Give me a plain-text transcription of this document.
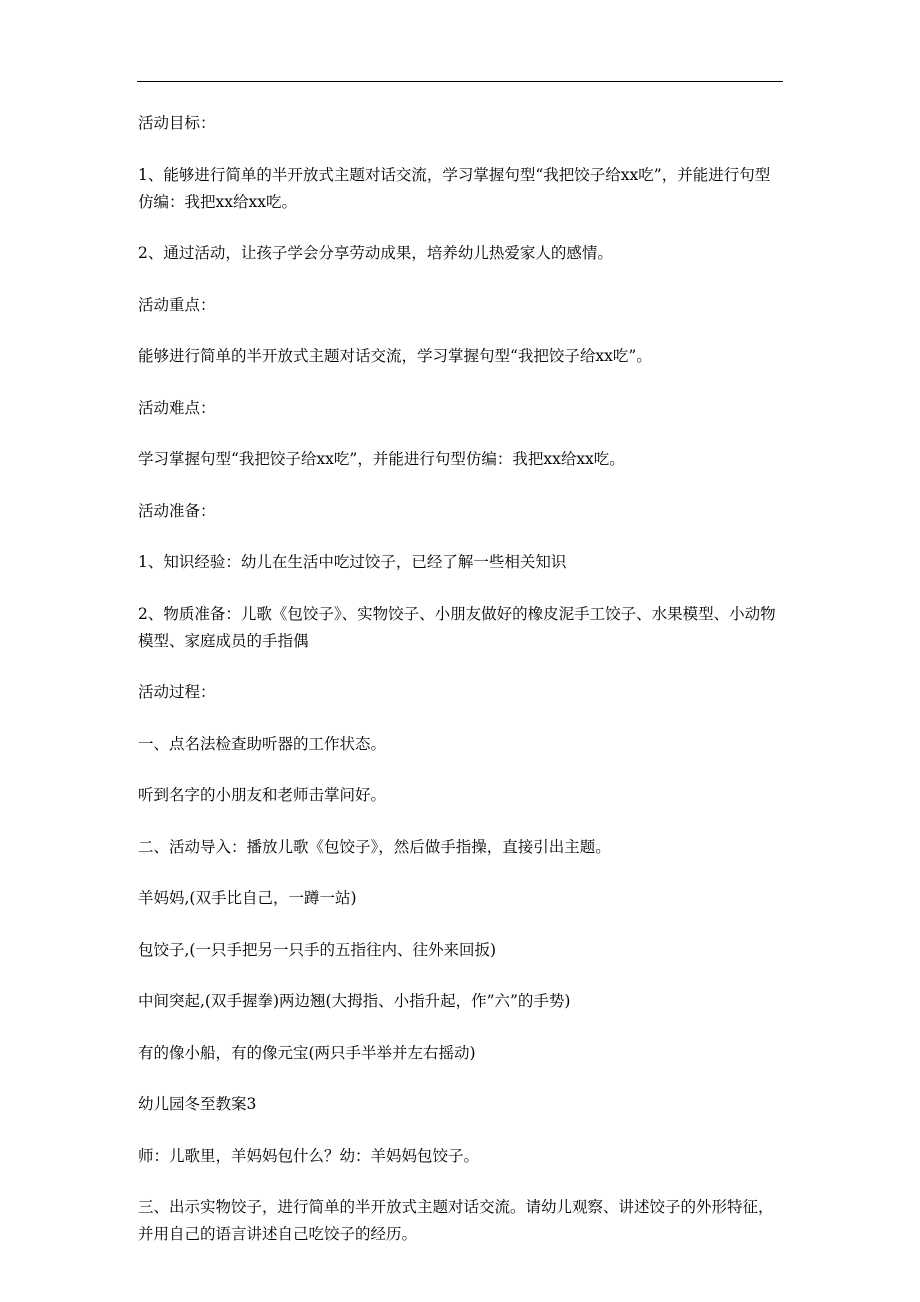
活动目标：

1、能够进行简单的半开放式主题对话交流，学习掌握句型“我把饺子给xx吃”，并能进行句型仿编：我把xx给xx吃。

2、通过活动，让孩子学会分享劳动成果，培养幼儿热爱家人的感情。

活动重点：

能够进行简单的半开放式主题对话交流，学习掌握句型“我把饺子给xx吃”。

活动难点：

学习掌握句型“我把饺子给xx吃”，并能进行句型仿编：我把xx给xx吃。

活动准备：

1、知识经验：幼儿在生活中吃过饺子，已经了解一些相关知识

2、物质准备：儿歌《包饺子》、实物饺子、小朋友做好的橡皮泥手工饺子、水果模型、小动物模型、家庭成员的手指偶

活动过程：

一、点名法检查助听器的工作状态。

听到名字的小朋友和老师击掌问好。

二、活动导入：播放儿歌《包饺子》，然后做手指操，直接引出主题。

羊妈妈,(双手比自己，一蹲一站)

包饺子,(一只手把另一只手的五指往内、往外来回扳)

中间突起,(双手握拳)两边翘(大拇指、小指升起，作”六”的手势)

有的像小船，有的像元宝(两只手半举并左右摇动)

幼儿园冬至教案3

师：儿歌里，羊妈妈包什么？幼：羊妈妈包饺子。

三、出示实物饺子，进行简单的半开放式主题对话交流。请幼儿观察、讲述饺子的外形特征，并用自己的语言讲述自己吃饺子的经历。
